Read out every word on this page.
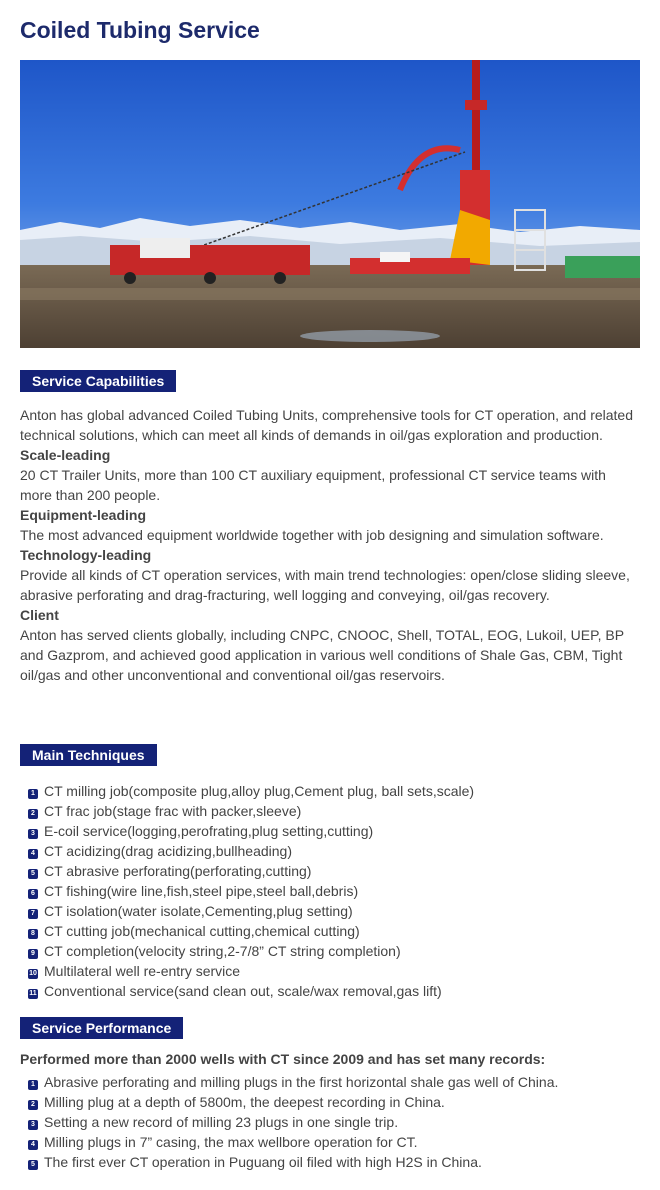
Coiled Tubing Service
Service Capabilities

Anton has global advanced Coiled Tubing Units, comprehensive tools for CT operation, and related technical solutions, which can meet all kinds of demands in oil/gas exploration and production.

Scale-leading

20 CT Trailer Units, more than 100 CT auxiliary equipment, professional CT service teams with more than 200 people.

Equipment-leading

The most advanced equipment worldwide together with job designing and simulation software.

Technology-leading

Provide all kinds of CT operation services, with main trend technologies: open/close sliding sleeve, abrasive perforating and drag-fracturing, well logging and conveying, oil/gas recovery.

Client

Anton has served clients globally, including CNPC, CNOOC, Shell, TOTAL, EOG, Lukoil, UEP, BP and Gazprom, and achieved good application in various well conditions of Shale Gas, CBM, Tight oil/gas and other unconventional and conventional oil/gas reservoirs.

Main Techniques
1 CT milling job(composite plug,alloy plug,Cement plug, ball sets,scale)
2 CT frac job(stage frac with packer,sleeve)
3 E-coil service(logging,perofrating,plug setting,cutting)
4 CT acidizing(drag acidizing,bullheading)
5 CT abrasive perforating(perforating,cutting)
6 CT fishing(wire line,fish,steel pipe,steel ball,debris)
7 CT isolation(water isolate,Cementing,plug setting)
8 CT cutting job(mechanical cutting,chemical cutting)
9 CT completion(velocity string,2-7/8” CT string completion)
10 Multilateral well re-entry service
11 Conventional service(sand clean out, scale/wax removal,gas lift)
Service Performance

Performed more than 2000 wells with CT since 2009 and has set many records:

1 Abrasive perforating and milling plugs in the first horizontal shale gas well of China.
2 Milling plug at a depth of 5800m, the deepest recording in China.
3 Setting a new record of milling 23 plugs in one single trip.
4 Milling plugs in 7” casing, the max wellbore operation for CT.
5 The first ever CT operation in Puguang oil filed with high H2S in China.
